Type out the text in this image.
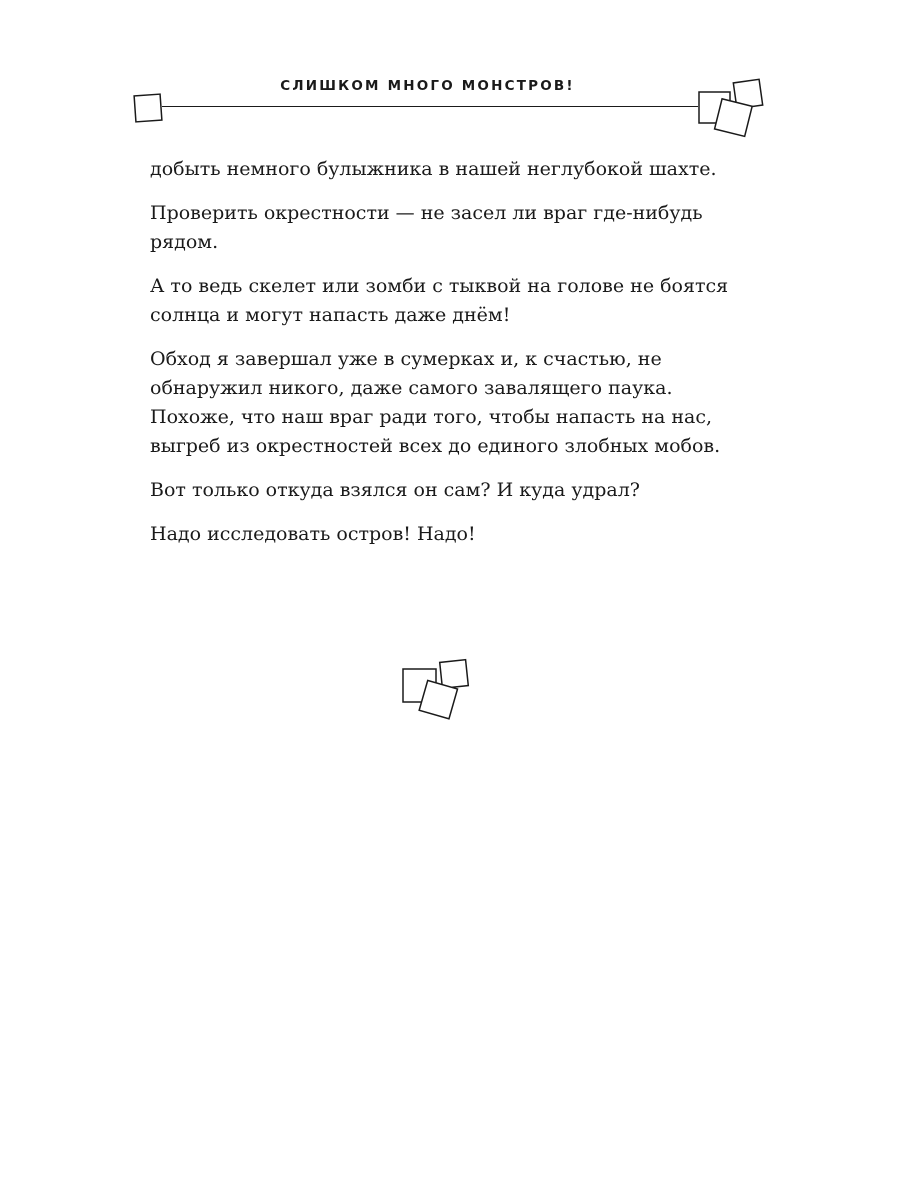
СЛИШКОМ МНОГО МОНСТРОВ!

добыть немного булыжника в нашей неглубокой шахте.

Проверить окрестности — не засел ли враг где-нибудь рядом.

А то ведь скелет или зомби с тыквой на голове не боятся солнца и могут напасть даже днём!

Обход я завершал уже в сумерках и, к счастью, не обнаружил никого, даже самого завалящего паука. Похоже, что наш враг ради того, чтобы напасть на нас, выгреб из окрестностей всех до единого злобных мобов.

Вот только откуда взялся он сам? И куда удрал?

Надо исследовать остров! Надо!
